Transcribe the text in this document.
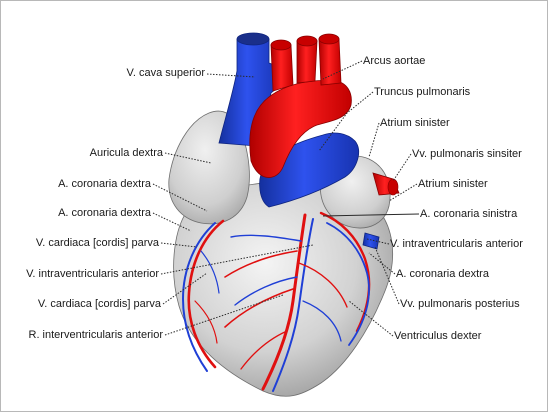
V. cava superior
Auricula dextra
A. coronaria dextra
A. coronaria dextra
V. cardiaca [cordis] parva
V. intraventricularis anterior
V. cardiaca [cordis] parva
R. interventricularis anterior
Arcus aortae
Truncus pulmonaris
Atrium sinister
Vv. pulmonaris sinsiter
Atrium sinister
A. coronaria sinistra
V. intraventricularis anterior
A. coronaria dextra
Vv. pulmonaris posterius
Ventriculus dexter
